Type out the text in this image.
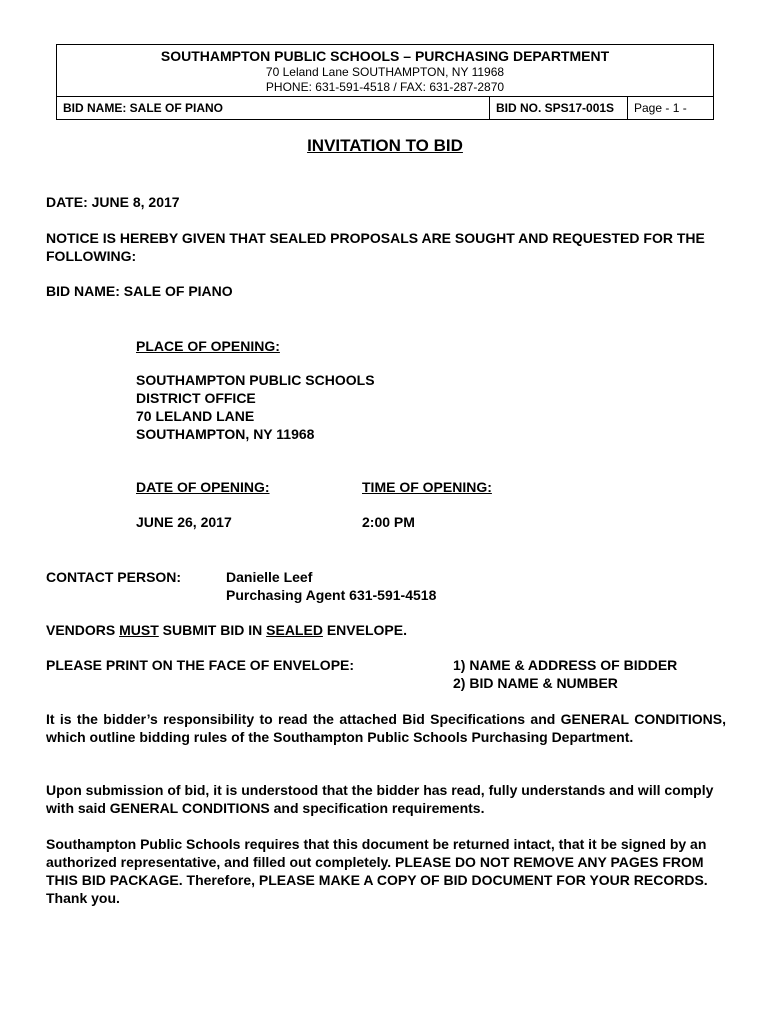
SOUTHAMPTON PUBLIC SCHOOLS – PURCHASING DEPARTMENT
70 Leland Lane SOUTHAMPTON, NY 11968
PHONE: 631-591-4518 / FAX: 631-287-2870
BID NAME: SALE OF PIANO	BID NO. SPS17-001S	Page - 1 -
INVITATION TO BID
DATE: JUNE 8, 2017
NOTICE IS HEREBY GIVEN THAT SEALED PROPOSALS ARE SOUGHT AND REQUESTED FOR THE FOLLOWING:
BID NAME: SALE OF PIANO
PLACE OF OPENING:
SOUTHAMPTON PUBLIC SCHOOLS
DISTRICT OFFICE
70 LELAND LANE
SOUTHAMPTON, NY 11968
DATE OF OPENING:	TIME OF OPENING:
JUNE 26, 2017	2:00 PM
CONTACT PERSON:	Danielle Leef
Purchasing Agent 631-591-4518
VENDORS MUST SUBMIT BID IN SEALED ENVELOPE.
PLEASE PRINT ON THE FACE OF ENVELOPE:	1) NAME & ADDRESS OF BIDDER
2) BID NAME & NUMBER
It is the bidder’s responsibility to read the attached Bid Specifications and GENERAL CONDITIONS, which outline bidding rules of the Southampton Public Schools Purchasing Department.
Upon submission of bid, it is understood that the bidder has read, fully understands and will comply with said GENERAL CONDITIONS and specification requirements.
Southampton Public Schools requires that this document be returned intact, that it be signed by an authorized representative, and filled out completely. PLEASE DO NOT REMOVE ANY PAGES FROM THIS BID PACKAGE. Therefore, PLEASE MAKE A COPY OF BID DOCUMENT FOR YOUR RECORDS. Thank you.
